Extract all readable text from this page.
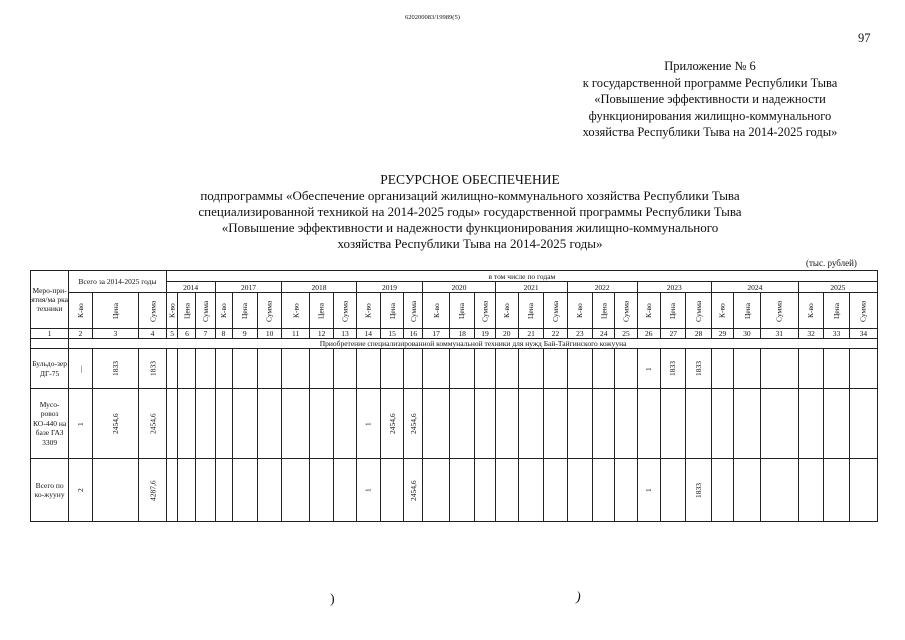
620200083/19989(5)
97
Приложение № 6
к государственной программе Республики Тыва
«Повышение эффективности и надежности
функционирования жилищно-коммунального
хозяйства Республики Тыва на 2014-2025 годы»
РЕСУРСНОЕ ОБЕСПЕЧЕНИЕ
подпрограммы «Обеспечение организаций жилищно-коммунального хозяйства Республики Тыва
специализированной техникой на 2014-2025 годы» государственной программы Республики Тыва
«Повышение эффективности и надежности функционирования жилищно-коммунального
хозяйства Республики Тыва на 2014-2025 годы»
(тыс. рублей)
Меро-при-ятия/ма рка техники	Всего за 2014-2025 годы			в том числе по годам																													
				2014			2017			2018			2019			2020			2021			2022			2023			2024			2025		
	К-во	Цена	Сумма	К-во	Цена	Сумма	К-во	Цена	Сумма	К-во	Цена	Сумма	К-во	Цена	Сумма	К-во	Цена	Сумма	К-во	Цена	Сумма	К-во	Цена	Сумма	К-во	Цена	Сумма	К-во	Цена	Сумма	К-во	Цена	Сумма
1	2	3	4	5	6	7	8	9	10	11	12	13	14	15	16	17	18	19	20	21	22	23	24	25	26	27	28	29	30	31	32	33	34
	Приобретение специализированной коммунальной техники для нужд Бай-Тайгинского кожууна																																
Бульдо-зер ДГ-75	—	1833	1833																						1	1833	1833						
Мусо-ровоз КО-440 на базе ГАЗ 3309	1	2454,6	2454,6										1	2454,6	2454,6																		
Всего по ко-жууну	2		4287,6										1		2454,6										1		1833						
)	)
